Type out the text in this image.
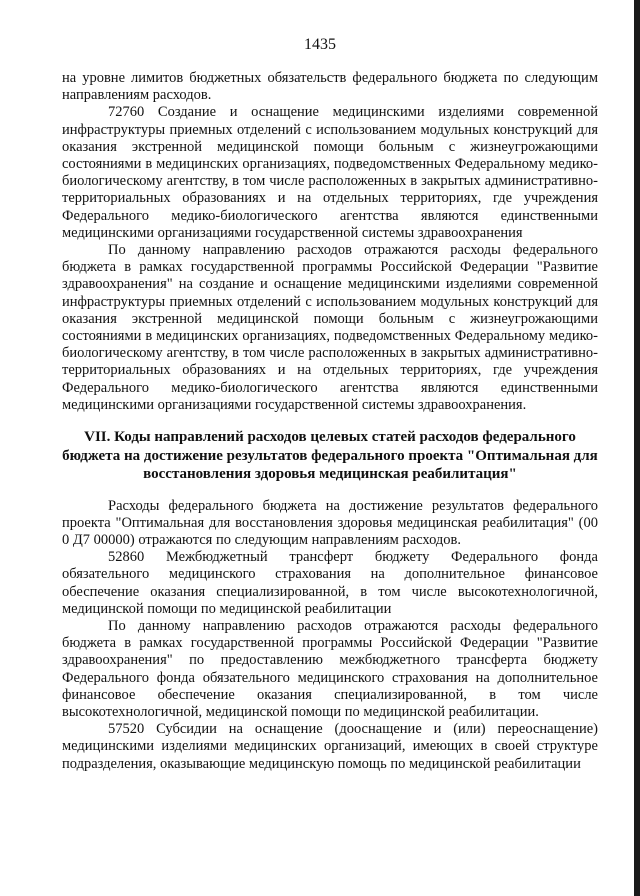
1435

на уровне лимитов бюджетных обязательств федерального бюджета по следующим направлениям расходов.

72760 Создание и оснащение медицинскими изделиями современной инфраструктуры приемных отделений с использованием модульных конструкций для оказания экстренной медицинской помощи больным с жизнеугрожающими состояниями в медицинских организациях, подведомственных Федеральному медико-биологическому агентству, в том числе расположенных в закрытых административно-территориальных образованиях и на отдельных территориях, где учреждения Федерального медико-биологического агентства являются единственными медицинскими организациями государственной системы здравоохранения

По данному направлению расходов отражаются расходы федерального бюджета в рамках государственной программы Российской Федерации "Развитие здравоохранения" на создание и оснащение медицинскими изделиями современной инфраструктуры приемных отделений с использованием модульных конструкций для оказания экстренной медицинской помощи больным с жизнеугрожающими состояниями в медицинских организациях, подведомственных Федеральному медико-биологическому агентству, в том числе расположенных в закрытых административно-территориальных образованиях и на отдельных территориях, где учреждения Федерального медико-биологического агентства являются единственными медицинскими организациями государственной системы здравоохранения.

VII. Коды направлений расходов целевых статей расходов федерального бюджета на достижение результатов федерального проекта "Оптимальная для восстановления здоровья медицинская реабилитация"

Расходы федерального бюджета на достижение результатов федерального проекта "Оптимальная для восстановления здоровья медицинская реабилитация" (00 0 Д7 00000) отражаются по следующим направлениям расходов.

52860 Межбюджетный трансферт бюджету Федерального фонда обязательного медицинского страхования на дополнительное финансовое обеспечение оказания специализированной, в том числе высокотехнологичной, медицинской помощи по медицинской реабилитации

По данному направлению расходов отражаются расходы федерального бюджета в рамках государственной программы Российской Федерации "Развитие здравоохранения" по предоставлению межбюджетного трансферта бюджету Федерального фонда обязательного медицинского страхования на дополнительное финансовое обеспечение оказания специализированной, в том числе высокотехнологичной, медицинской помощи по медицинской реабилитации.

57520 Субсидии на оснащение (дооснащение и (или) переоснащение) медицинскими изделиями медицинских организаций, имеющих в своей структуре подразделения, оказывающие медицинскую помощь по медицинской реабилитации
